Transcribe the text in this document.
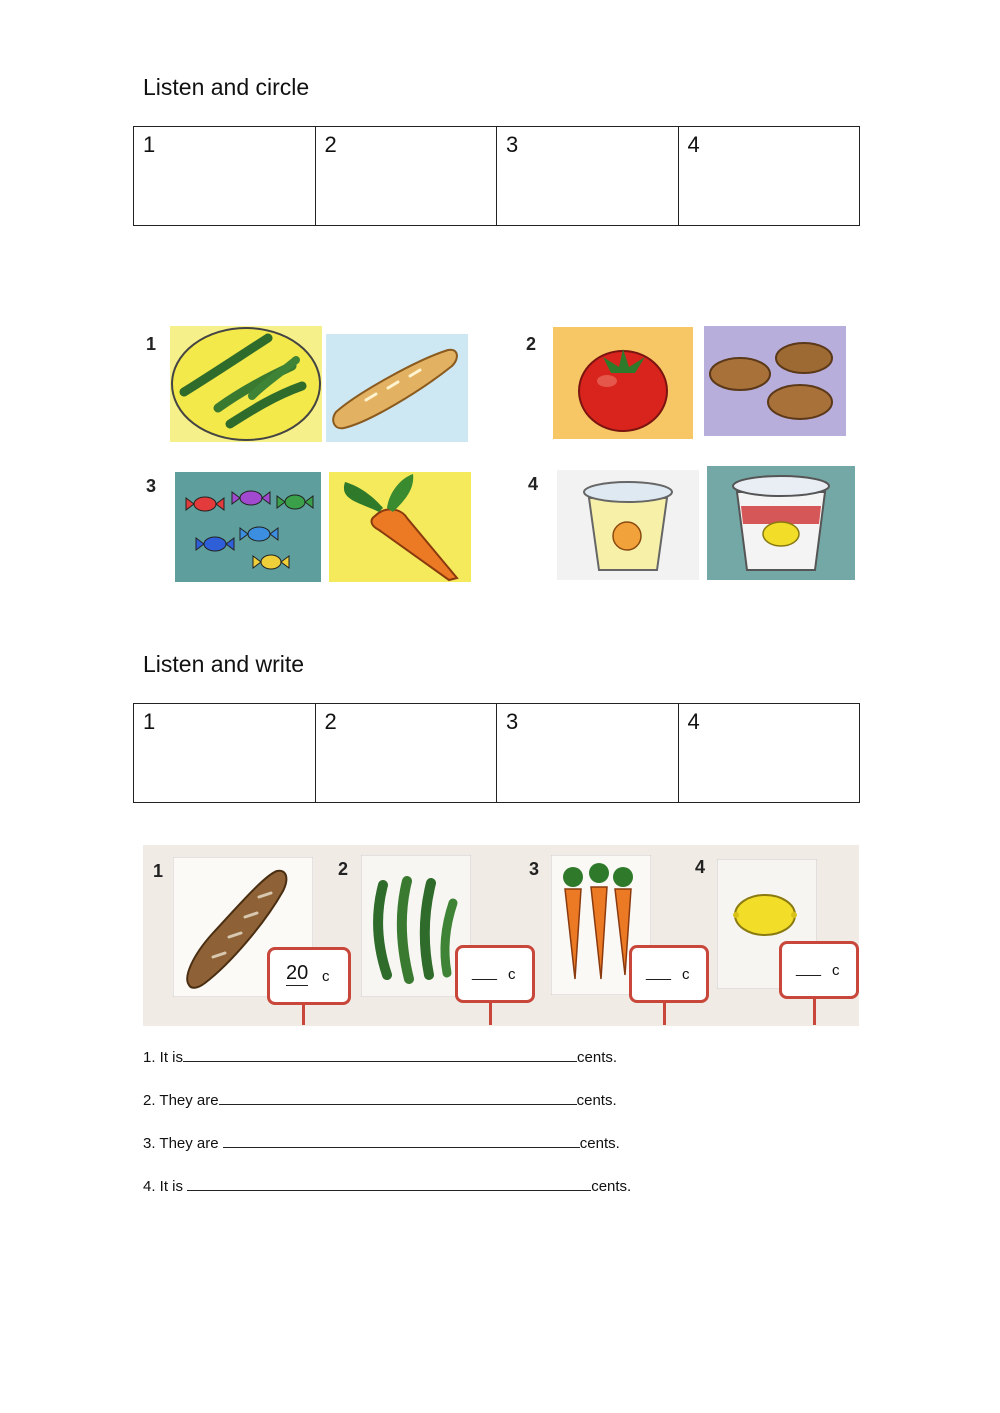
Listen and circle
1	2	3	4
1	2
3	4
Listen and write
1	2	3	4
1
20 c
2
___ c
3
___ c
4
___ c
1. It is	cents.
2. They are	cents.
3. They are	cents.
4. It is	cents.
